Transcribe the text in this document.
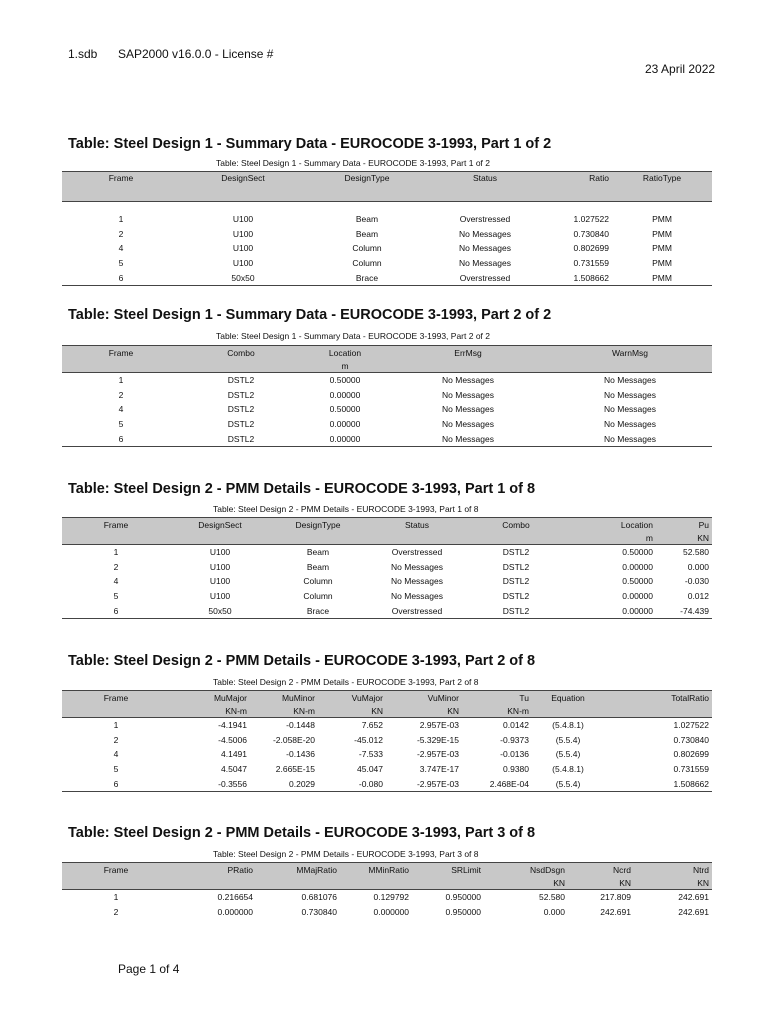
1.sdb SAP2000 v16.0.0 - License #
23 April 2022
Table: Steel Design 1 - Summary Data - EUROCODE 3-1993, Part 1 of 2
Table: Steel Design 1 - Summary Data - EUROCODE 3-1993, Part 1 of 2
Frame	DesignSect	DesignType	Status	Ratio	RatioType

1	U100	Beam	Overstressed	1.027522	PMM
2	U100	Beam	No Messages	0.730840	PMM
4	U100	Column	No Messages	0.802699	PMM
5	U100	Column	No Messages	0.731559	PMM
6	50x50	Brace	Overstressed	1.508662	PMM
Table: Steel Design 1 - Summary Data - EUROCODE 3-1993, Part 2 of 2
Table: Steel Design 1 - Summary Data - EUROCODE 3-1993, Part 2 of 2
Frame	Combo	Location	ErrMsg	WarnMsg
		m		
1	DSTL2	0.50000	No Messages	No Messages
2	DSTL2	0.00000	No Messages	No Messages
4	DSTL2	0.50000	No Messages	No Messages
5	DSTL2	0.00000	No Messages	No Messages
6	DSTL2	0.00000	No Messages	No Messages
Table: Steel Design 2 - PMM Details - EUROCODE 3-1993, Part 1 of 8
Table: Steel Design 2 - PMM Details - EUROCODE 3-1993, Part 1 of 8
Frame	DesignSect	DesignType	Status	Combo	Location	Pu
					m	KN
1	U100	Beam	Overstressed	DSTL2	0.50000	52.580
2	U100	Beam	No Messages	DSTL2	0.00000	0.000
4	U100	Column	No Messages	DSTL2	0.50000	-0.030
5	U100	Column	No Messages	DSTL2	0.00000	0.012
6	50x50	Brace	Overstressed	DSTL2	0.00000	-74.439
Table: Steel Design 2 - PMM Details - EUROCODE 3-1993, Part 2 of 8
Table: Steel Design 2 - PMM Details - EUROCODE 3-1993, Part 2 of 8
Frame	MuMajor	MuMinor	VuMajor	VuMinor	Tu	Equation	TotalRatio
	KN-m	KN-m	KN	KN	KN-m		
1	-4.1941	-0.1448	7.652	2.957E-03	0.0142	(5.4.8.1)	1.027522
2	-4.5006	-2.058E-20	-45.012	-5.329E-15	-0.9373	(5.5.4)	0.730840
4	4.1491	-0.1436	-7.533	-2.957E-03	-0.0136	(5.5.4)	0.802699
5	4.5047	2.665E-15	45.047	3.747E-17	0.9380	(5.4.8.1)	0.731559
6	-0.3556	0.2029	-0.080	-2.957E-03	2.468E-04	(5.5.4)	1.508662
Table: Steel Design 2 - PMM Details - EUROCODE 3-1993, Part 3 of 8
Table: Steel Design 2 - PMM Details - EUROCODE 3-1993, Part 3 of 8
Frame	PRatio	MMajRatio	MMinRatio	SRLimit	NsdDsgn	Ncrd	Ntrd
					KN	KN	KN
1	0.216654	0.681076	0.129792	0.950000	52.580	217.809	242.691
2	0.000000	0.730840	0.000000	0.950000	0.000	242.691	242.691
Page 1 of 4
